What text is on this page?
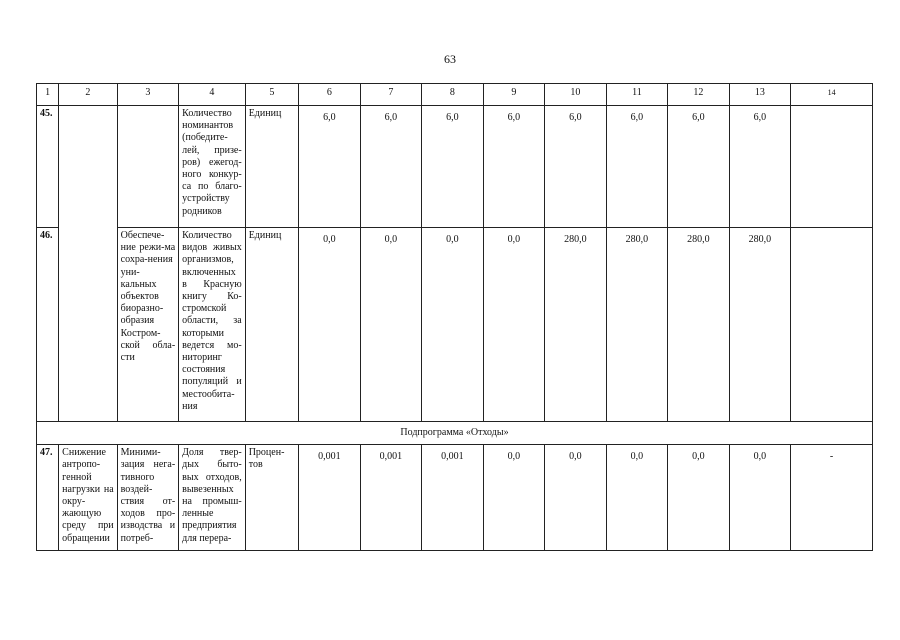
63
1	2	3	4	5	6	7	8	9	10	11	12	13	14
45.			Количество номинантов (победите-лей, призе-ров) ежегод-ного конкур-са по благо-устройству родников	Единиц	6,0	6,0	6,0	6,0	6,0	6,0	6,0	6,0	
46.		Обеспече-ние режи-ма сохра-нения уни-кальных объектов биоразно-образия Костром-ской обла-сти	Количество видов живых организмов, включенных в Красную книгу Ко-стромской области, за которыми ведется мо-ниторинг состояния популяций и местообита-ния	Единиц	0,0	0,0	0,0	0,0	280,0	280,0	280,0	280,0	
Подпрограмма «Отходы»													
47.	Снижение антропо-генной нагрузки на окру-жающую среду при обращении	Миними-зация нега-тивного воздей-ствия от-ходов про-изводства и потреб-	Доля твер-дых быто-вых отходов, вывезенных на промыш-ленные предприятия для перера-	Процен-тов	0,001	0,001	0,001	0,0	0,0	0,0	0,0	0,0	-
